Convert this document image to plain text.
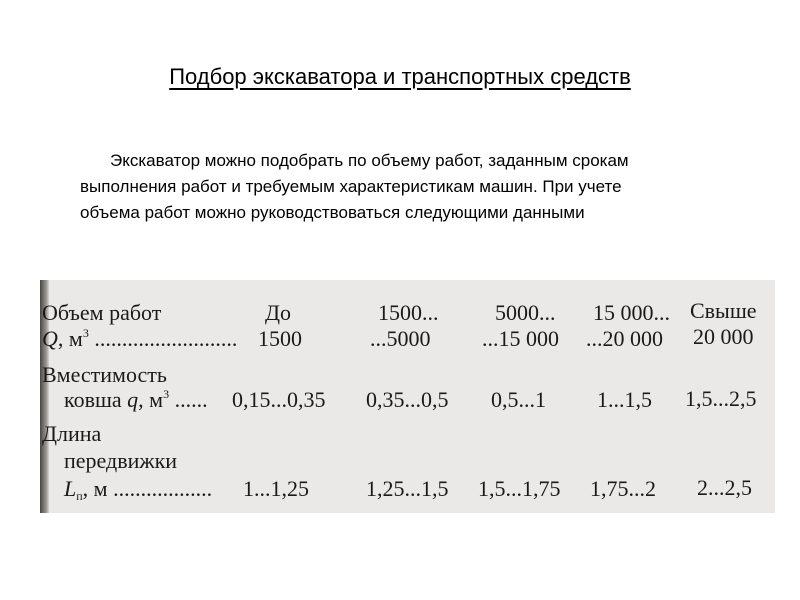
Подбор экскаватора и транспортных средств
Экскаватор можно подобрать по объему работ, заданным срокам
выполнения работ и требуемым характеристикам машин. При учете
объема работ можно руководствоваться следующими данными
Объем работ
Q, $м^3$ ..........................
До
1500
1500...
...5000
5000...
...15 000
15 000...
...20 000
Свыше
20 000
Вместимость
ковша q, $м^3$ ...... 0,15...0,35 0,35...0,5 0,5...1 1...1,5 1,5...2,5
Длина
передвижки
$L_п$, м .................. 1...1,25	1,25...1,5 1,5...1,75 1,75...2 2...2,5
